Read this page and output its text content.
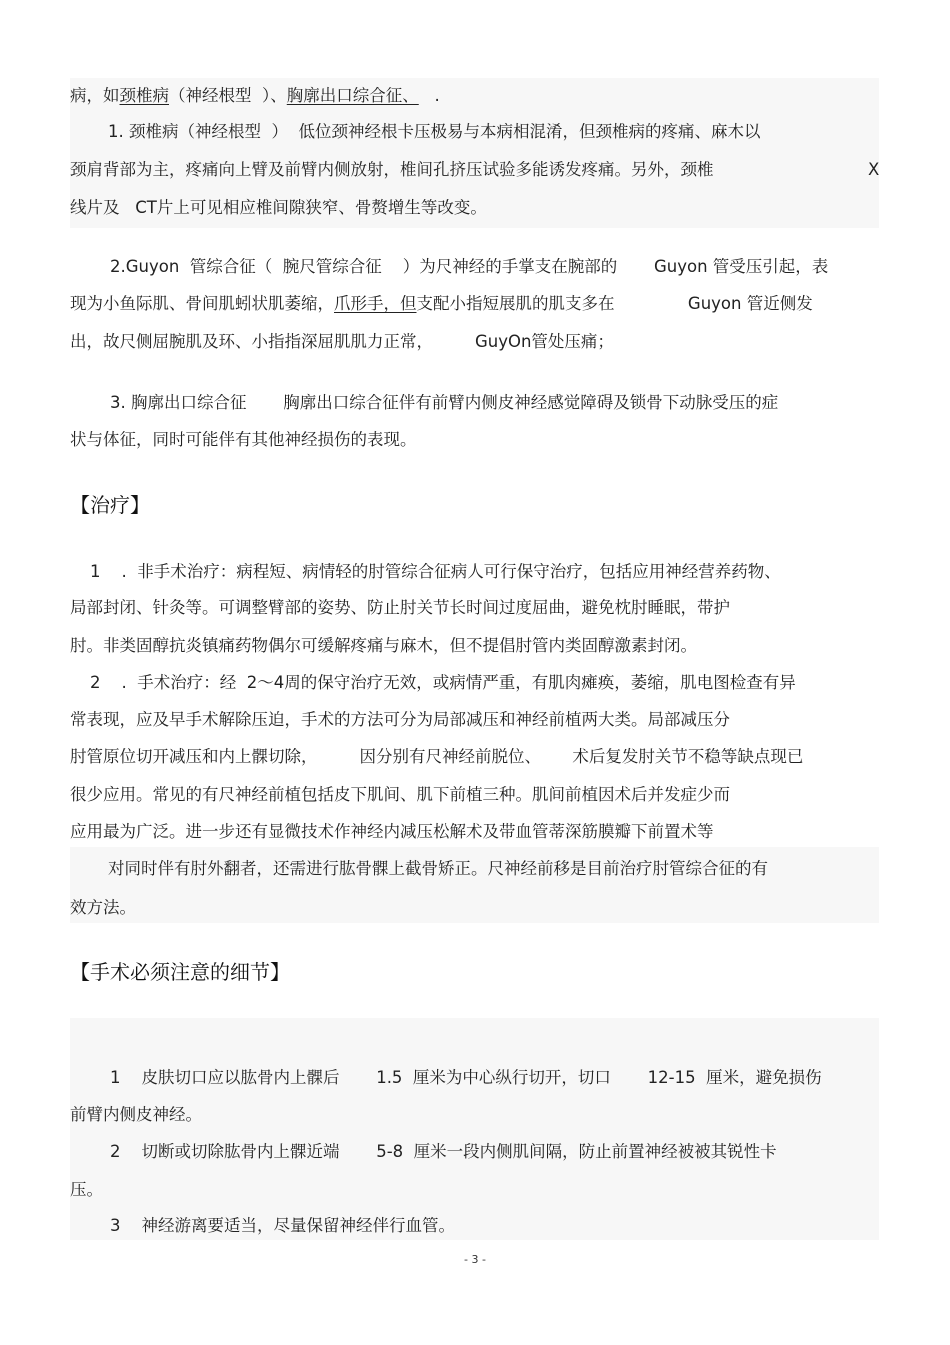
病，如颈椎病（神经根型  ）、胸廓出口综合征、   .

1. 颈椎病（神经根型  ）  低位颈神经根卡压极易与本病相混淆，但颈椎病的疼痛、麻木以

颈肩背部为主，疼痛向上臂及前臂内侧放射，椎间孔挤压试验多能诱发疼痛。另外，颈椎	X

线片及   CT片上可见相应椎间隙狭窄、骨赘增生等改变。

2.Guyon  管综合征（  腕尺管综合征    ）为尺神经的手掌支在腕部的       Guyon 管受压引起，表

现为小鱼际肌、骨间肌蚓状肌萎缩，爪形手，但支配小指短展肌的肌支多在              Guyon 管近侧发

出，故尺侧屈腕肌及环、小指指深屈肌肌力正常，        GuyOn管处压痛；

3. 胸廓出口综合征       胸廓出口综合征伴有前臂内侧皮神经感觉障碍及锁骨下动脉受压的症

状与体征，同时可能伴有其他神经损伤的表现。

【治疗】

1    .  非手术治疗：病程短、病情轻的肘管综合征病人可行保守治疗，包括应用神经营养药物、

局部封闭、针灸等。可调整臂部的姿势、防止肘关节长时间过度屈曲，避免枕肘睡眠，带护

肘。非类固醇抗炎镇痛药物偶尔可缓解疼痛与麻木，但不提倡肘管内类固醇激素封闭。

2    .  手术治疗：经  2～4周的保守治疗无效，或病情严重，有肌肉瘫痪，萎缩，肌电图检查有异

常表现，应及早手术解除压迫，手术的方法可分为局部减压和神经前植两大类。局部减压分

肘管原位切开减压和内上髁切除，        因分别有尺神经前脱位、      术后复发肘关节不稳等缺点现已

很少应用。常见的有尺神经前植包括皮下肌间、肌下前植三种。肌间前植因术后并发症少而

应用最为广泛。进一步还有显微技术作神经内减压松解术及带血管蒂深筋膜瓣下前置术等

对同时伴有肘外翻者，还需进行肱骨髁上截骨矫正。尺神经前移是目前治疗肘管综合征的有

效方法。

【手术必须注意的细节】

1    皮肤切口应以肱骨内上髁后       1.5  厘米为中心纵行切开，切口       12-15  厘米，避免损伤

前臂内侧皮神经。

2    切断或切除肱骨内上髁近端       5-8  厘米一段内侧肌间隔，防止前置神经被被其锐性卡

压。

3    神经游离要适当，尽量保留神经伴行血管。

- 3 -
